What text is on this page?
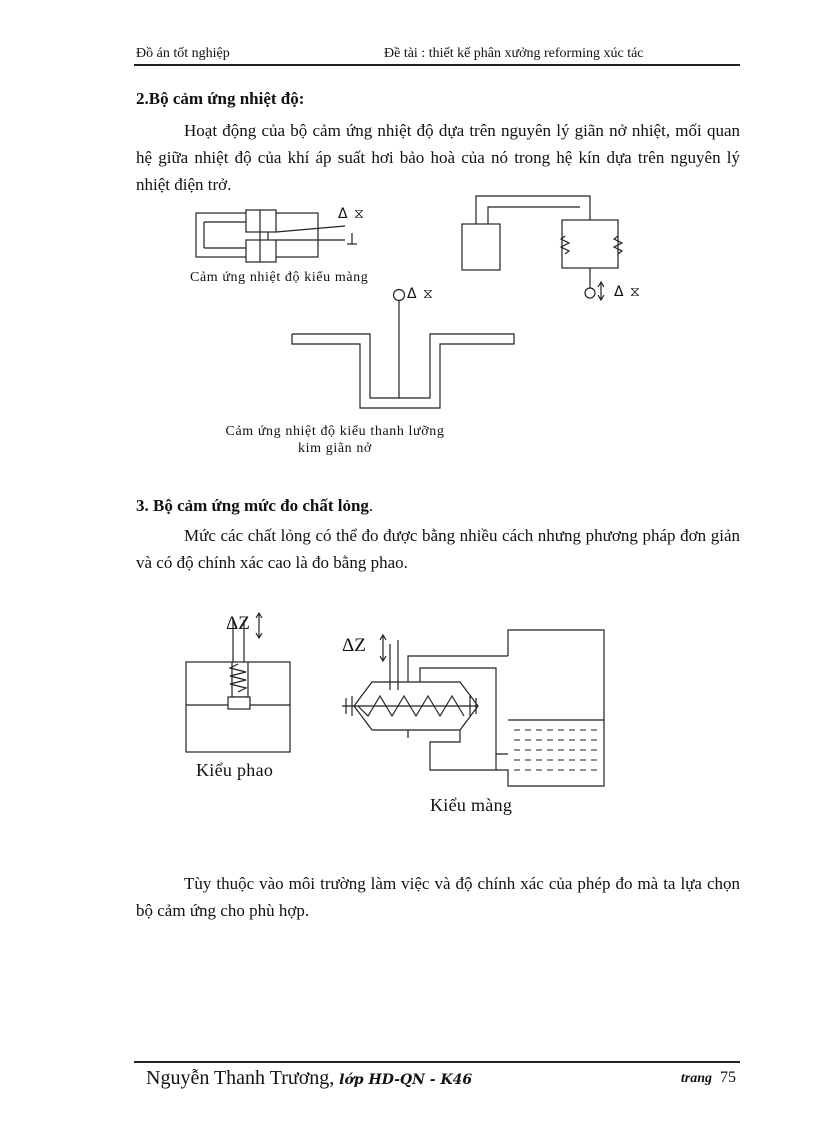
Đồ án tốt nghiệp	Đề tài : thiết kế phân xưởng reforming xúc tác
2.Bộ cảm ứng nhiệt độ:
Hoạt động của bộ cảm ứng nhiệt độ dựa trên nguyên lý giãn nở nhiệt, mối quan hệ giữa nhiệt độ của khí áp suất hơi bảo hoà của nó trong hệ kín dựa trên nguyên lý nhiệt điện trở.
Δ ⧖
Δ ⧖
Δ ⧖
Cảm ứng nhiệt độ kiểu màng
Cảm ứng nhiệt độ kiểu thanh lưỡng
kim giãn nở
3. Bộ cảm ứng mức đo chất lỏng.
Mức các chất lỏng có thể đo được bằng nhiều cách nhưng phương pháp đơn giản và có độ chính xác cao là đo bằng phao.
ΔZ
ΔZ
Kiểu phao
Kiểu màng
Tùy thuộc vào môi trường làm việc và độ chính xác của phép đo mà ta lựa chọn bộ cảm ứng cho phù hợp.
Nguyễn Thanh Trương, lớp HD-QN - K46	trang 75
